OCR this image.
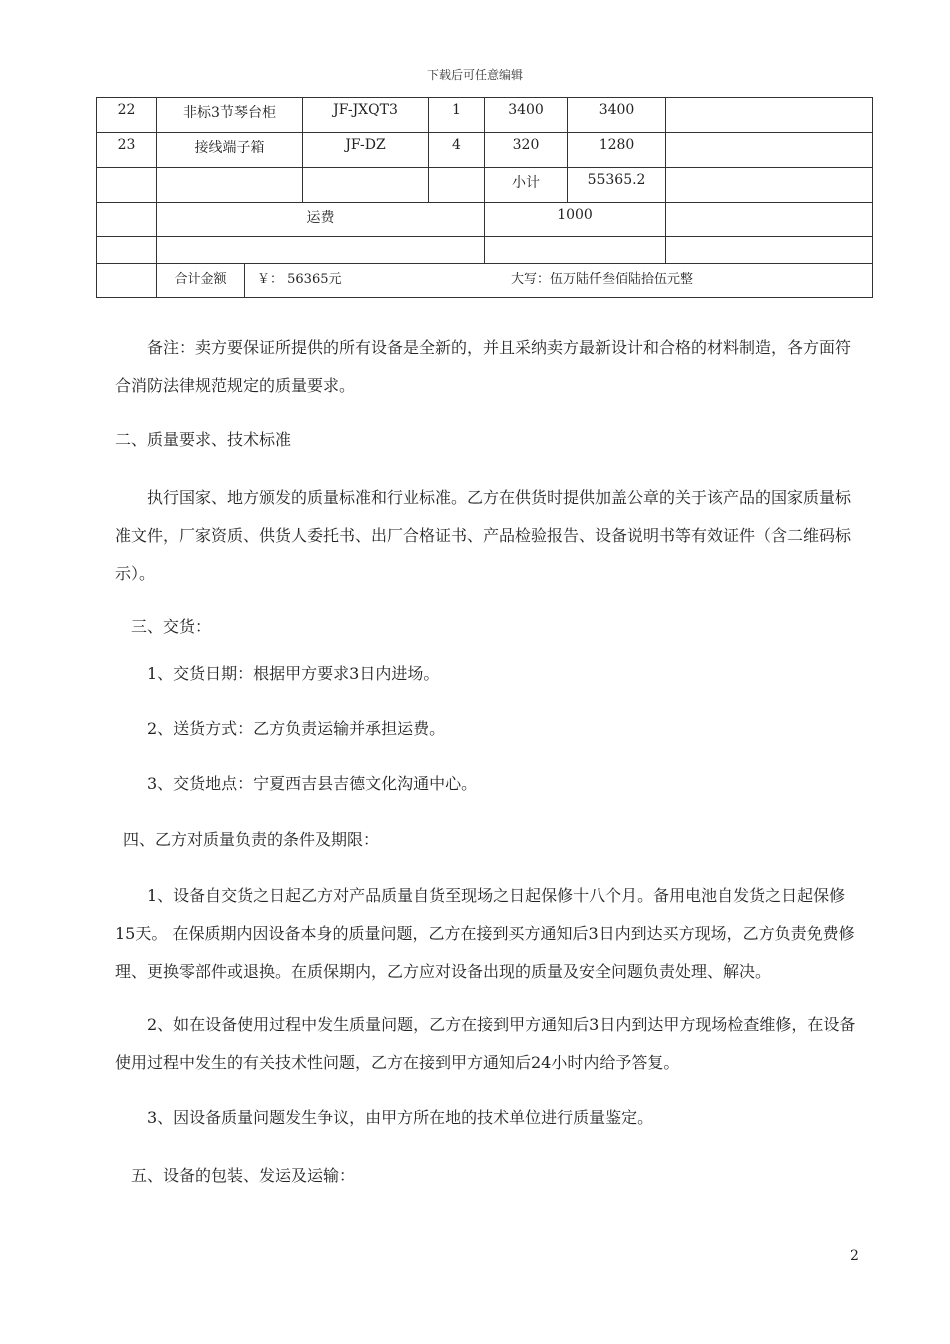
下载后可任意编辑
22	非标3节琴台柜		JF-JXQT3	1	3400	3400	
23	接线端子箱		JF-DZ	4	320	1280	
					小计	55365.2	
	运费				1000		

	合计金额	￥： 56365元 大写：伍万陆仟叁佰陆拾伍元整					

备注：卖方要保证所提供的所有设备是全新的，并且采纳卖方最新设计和合格的材料制造，各方面符合消防法律规范规定的质量要求。

二、质量要求、技术标准

执行国家、地方颁发的质量标准和行业标准。乙方在供货时提供加盖公章的关于该产品的国家质量标准文件，厂家资质、供货人委托书、出厂合格证书、产品检验报告、设备说明书等有效证件（含二维码标示）。

三、交货：

1、交货日期：根据甲方要求3日内进场。

2、送货方式：乙方负责运输并承担运费。

3、交货地点：宁夏西吉县吉德文化沟通中心。

四、乙方对质量负责的条件及期限：

1、设备自交货之日起乙方对产品质量自货至现场之日起保修十八个月。备用电池自发货之日起保修15天。 在保质期内因设备本身的质量问题，乙方在接到买方通知后3日内到达买方现场，乙方负责免费修理、更换零部件或退换。在质保期内，乙方应对设备出现的质量及安全问题负责处理、解决。

2、如在设备使用过程中发生质量问题，乙方在接到甲方通知后3日内到达甲方现场检查维修，在设备使用过程中发生的有关技术性问题，乙方在接到甲方通知后24小时内给予答复。

3、因设备质量问题发生争议，由甲方所在地的技术单位进行质量鉴定。

五、设备的包装、发运及运输：

2
